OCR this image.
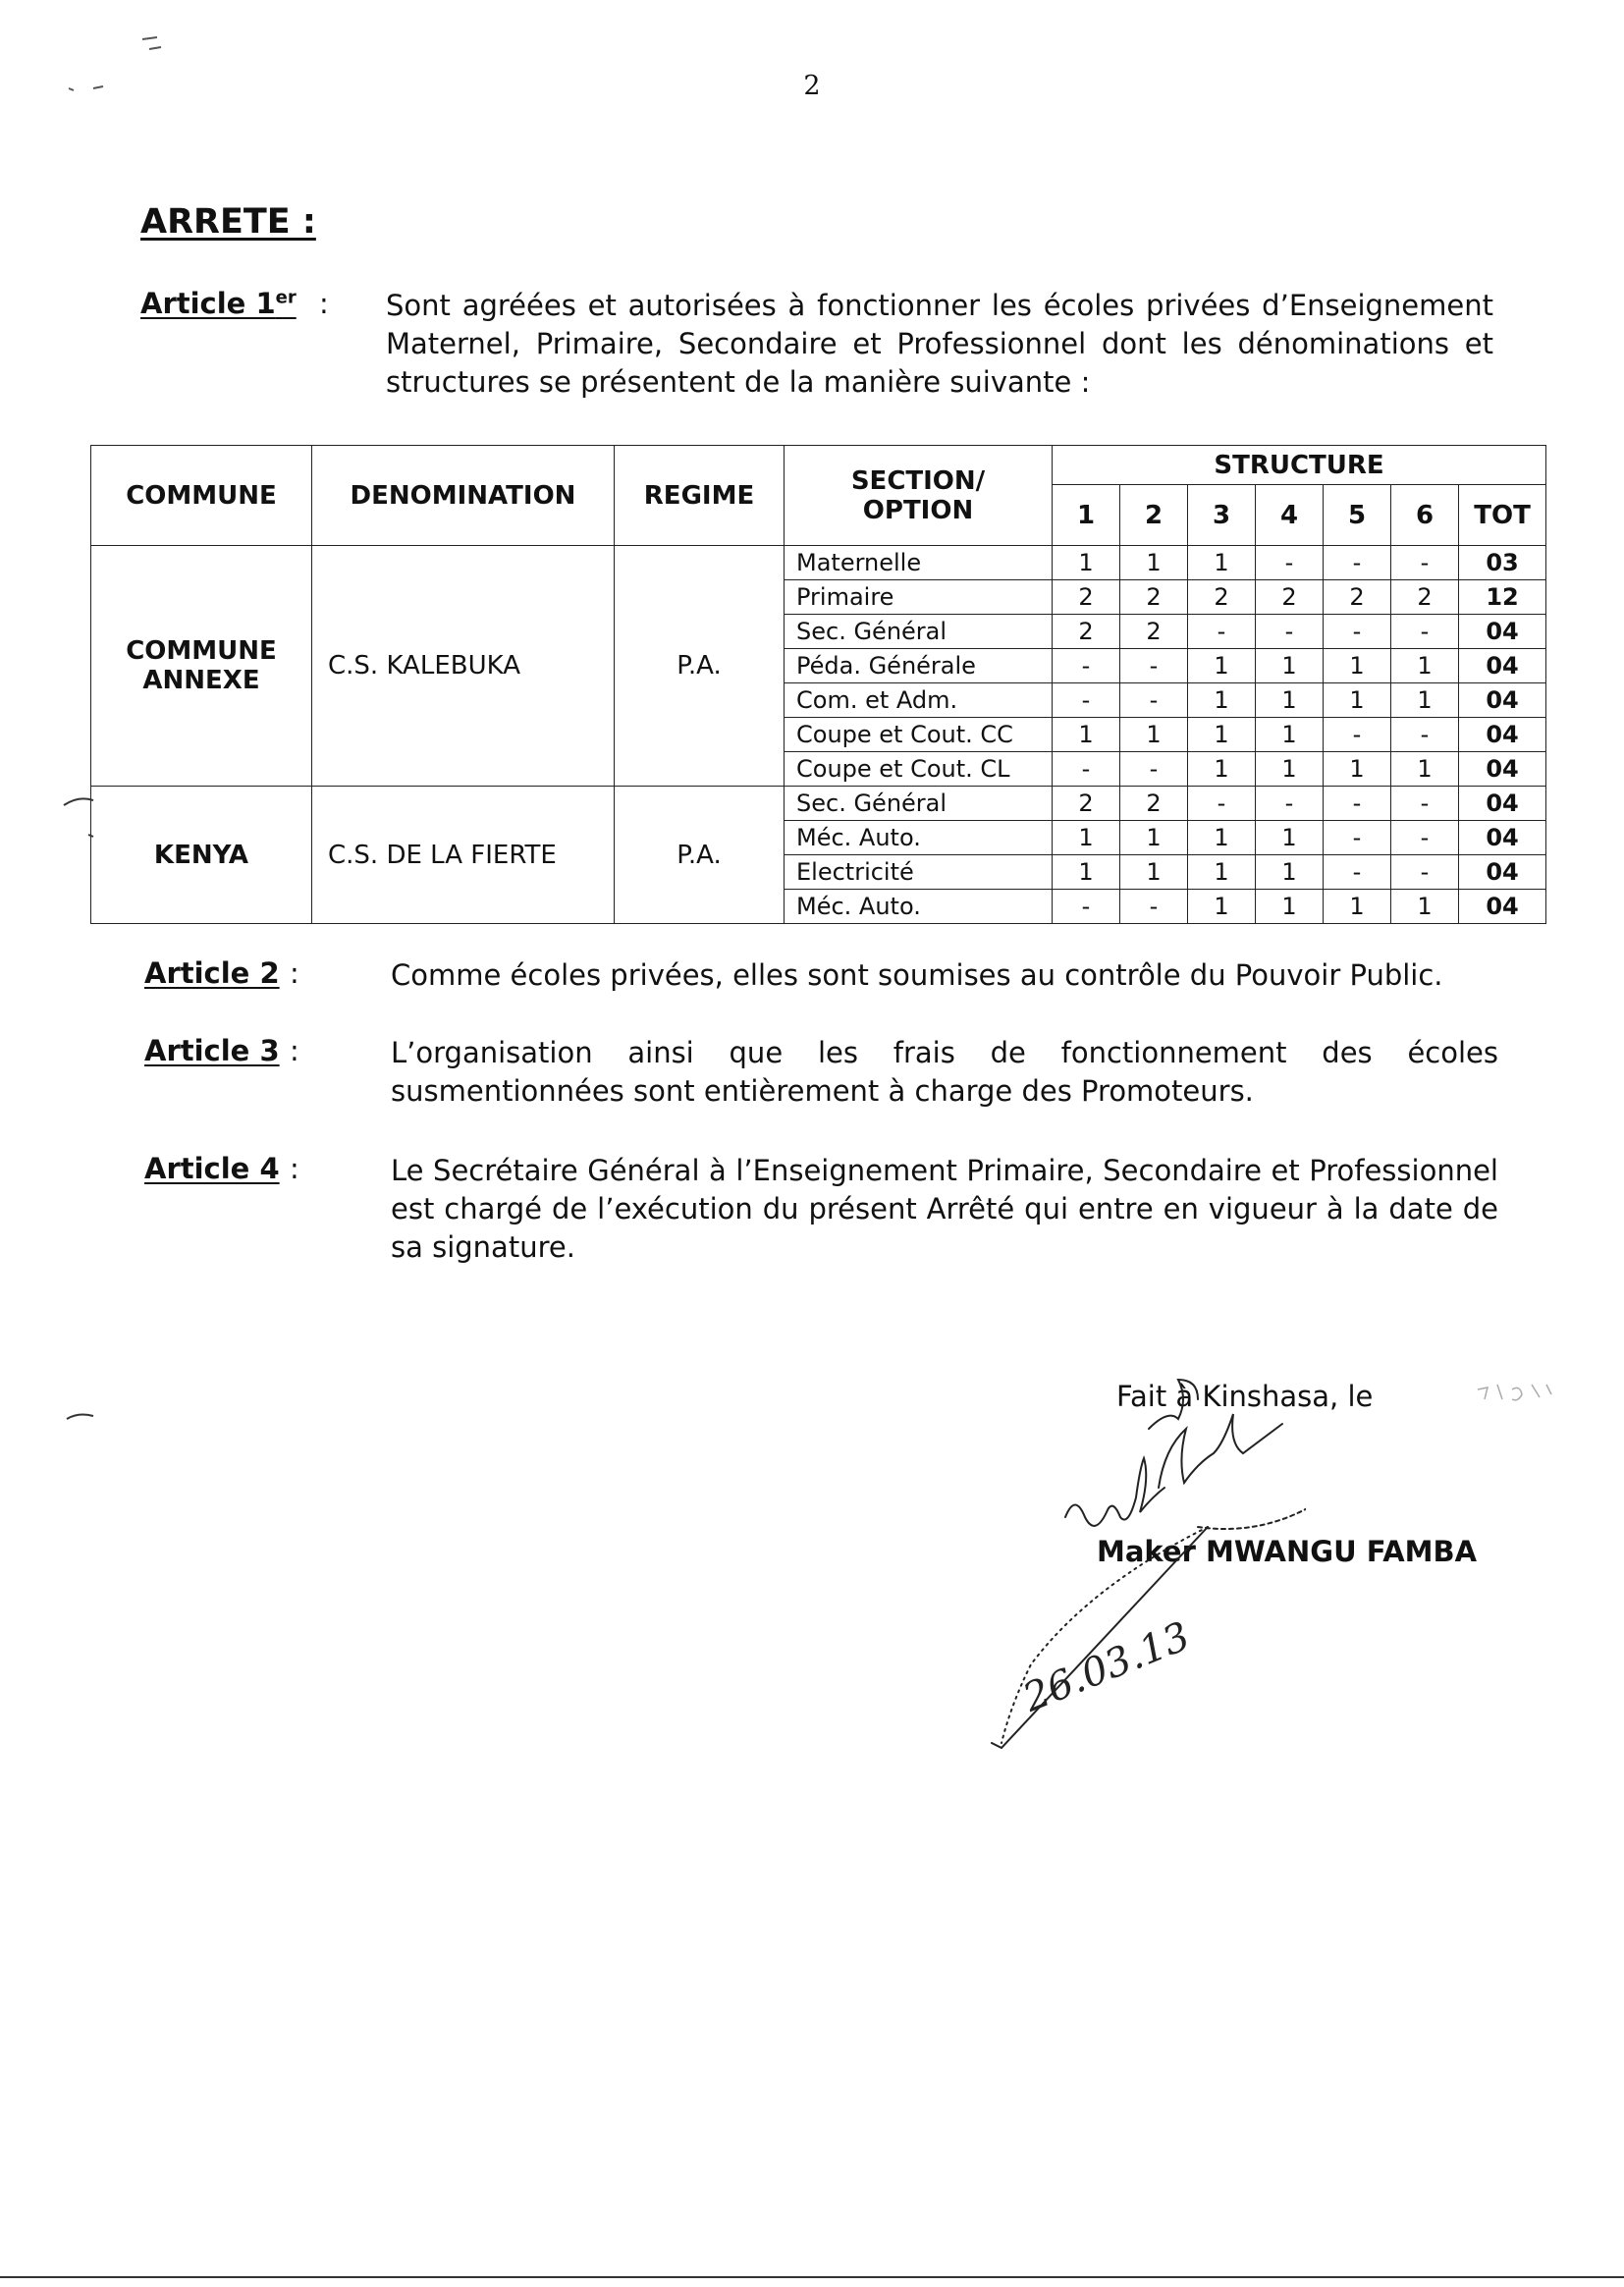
2
ARRETE :
Article 1er : Sont agréées et autorisées à fonctionner les écoles privées d’Enseignement Maternel, Primaire, Secondaire et Professionnel dont les dénominations et structures se présentent de la manière suivante :
COMMUNE	DENOMINATION	REGIME	SECTION/ OPTION	STRUCTURE						
				1	2	3	4	5	6	TOT
COMMUNE ANNEXE	C.S. KALEBUKA	P.A.	Maternelle	1	1	1	-	-	-	03
			Primaire	2	2	2	2	2	2	12
			Sec. Général	2	2	-	-	-	-	04
			Péda. Générale	-	-	1	1	1	1	04
			Com. et Adm.	-	-	1	1	1	1	04
			Coupe et Cout. CC	1	1	1	1	-	-	04
			Coupe et Cout. CL	-	-	1	1	1	1	04
KENYA	C.S. DE LA FIERTE	P.A.	Sec. Général	2	2	-	-	-	-	04
			Méc. Auto.	1	1	1	1	-	-	04
			Electricité	1	1	1	1	-	-	04
			Méc. Auto.	-	-	1	1	1	1	04
Article 2 :	Comme écoles privées, elles sont soumises au contrôle du Pouvoir Public.
Article 3 :	L’organisation ainsi que les frais de fonctionnement des écoles susmentionnées sont entièrement à charge des Promoteurs.
Article 4 :	Le Secrétaire Général à l’Enseignement Primaire, Secondaire et Professionnel est chargé de l’exécution du présent Arrêté qui entre en vigueur à la date de sa signature.
Fait à Kinshasa, le
Maker MWANGU FAMBA
26.03.13
